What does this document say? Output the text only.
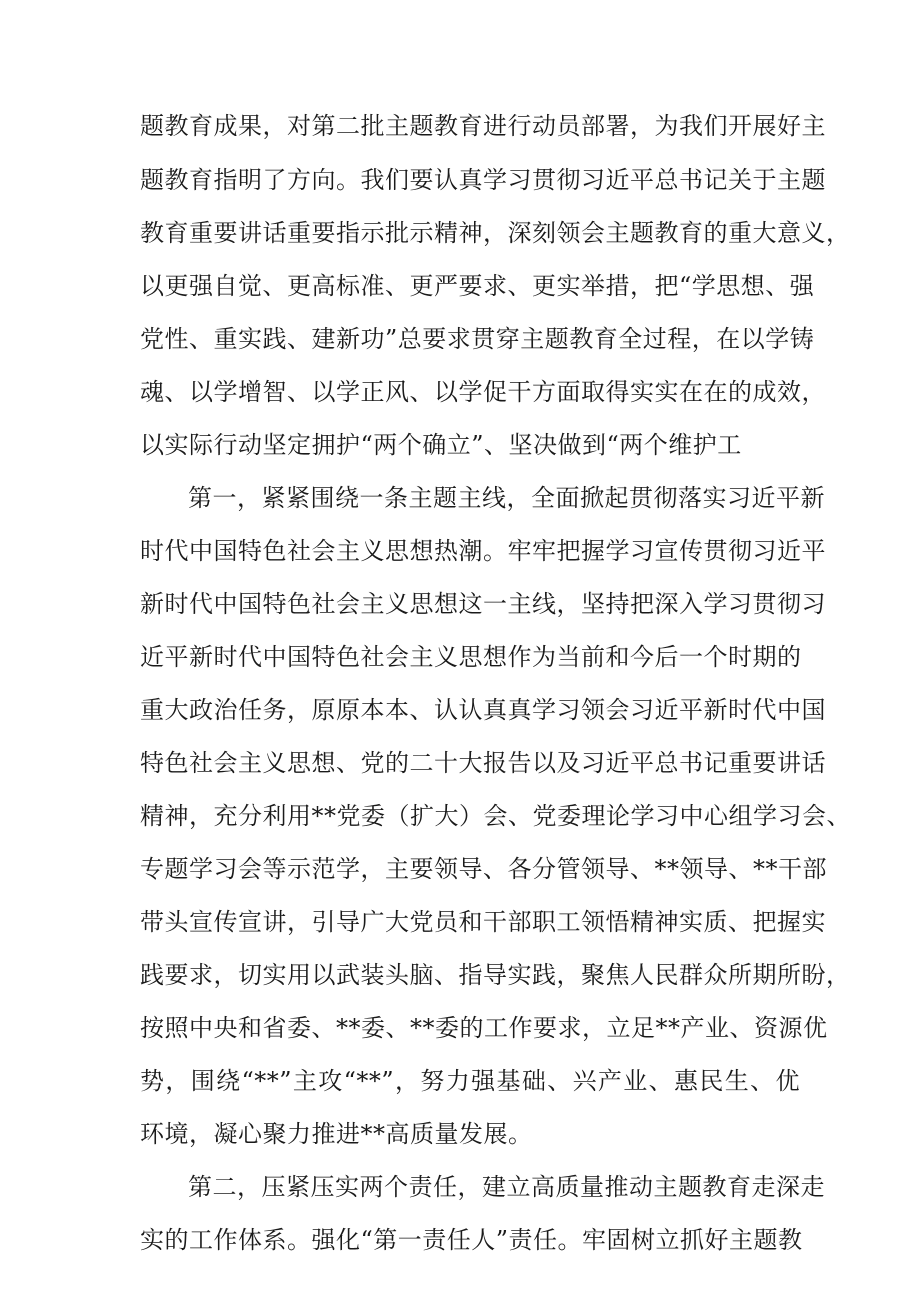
题教育成果，对第二批主题教育进行动员部署，为我们开展好主
题教育指明了方向。我们要认真学习贯彻习近平总书记关于主题
教育重要讲话重要指示批示精神，深刻领会主题教育的重大意义，
以更强自觉、更高标准、更严要求、更实举措，把“学思想、强
党性、重实践、建新功”总要求贯穿主题教育全过程，在以学铸
魂、以学增智、以学正风、以学促干方面取得实实在在的成效，
以实际行动坚定拥护“两个确立”、坚决做到“两个维护工
第一，紧紧围绕一条主题主线，全面掀起贯彻落实习近平新
时代中国特色社会主义思想热潮。牢牢把握学习宣传贯彻习近平
新时代中国特色社会主义思想这一主线，坚持把深入学习贯彻习
近平新时代中国特色社会主义思想作为当前和今后一个时期的
重大政治任务，原原本本、认认真真学习领会习近平新时代中国
特色社会主义思想、党的二十大报告以及习近平总书记重要讲话
精神，充分利用**党委（扩大）会、党委理论学习中心组学习会、
专题学习会等示范学，主要领导、各分管领导、**领导、**干部
带头宣传宣讲，引导广大党员和干部职工领悟精神实质、把握实
践要求，切实用以武装头脑、指导实践，聚焦人民群众所期所盼，
按照中央和省委、**委、**委的工作要求，立足**产业、资源优
势，围绕“**”主攻“**”，努力强基础、兴产业、惠民生、优
环境，凝心聚力推进**高质量发展。
第二，压紧压实两个责任，建立高质量推动主题教育走深走
实的工作体系。强化“第一责任人”责任。牢固树立抓好主题教
